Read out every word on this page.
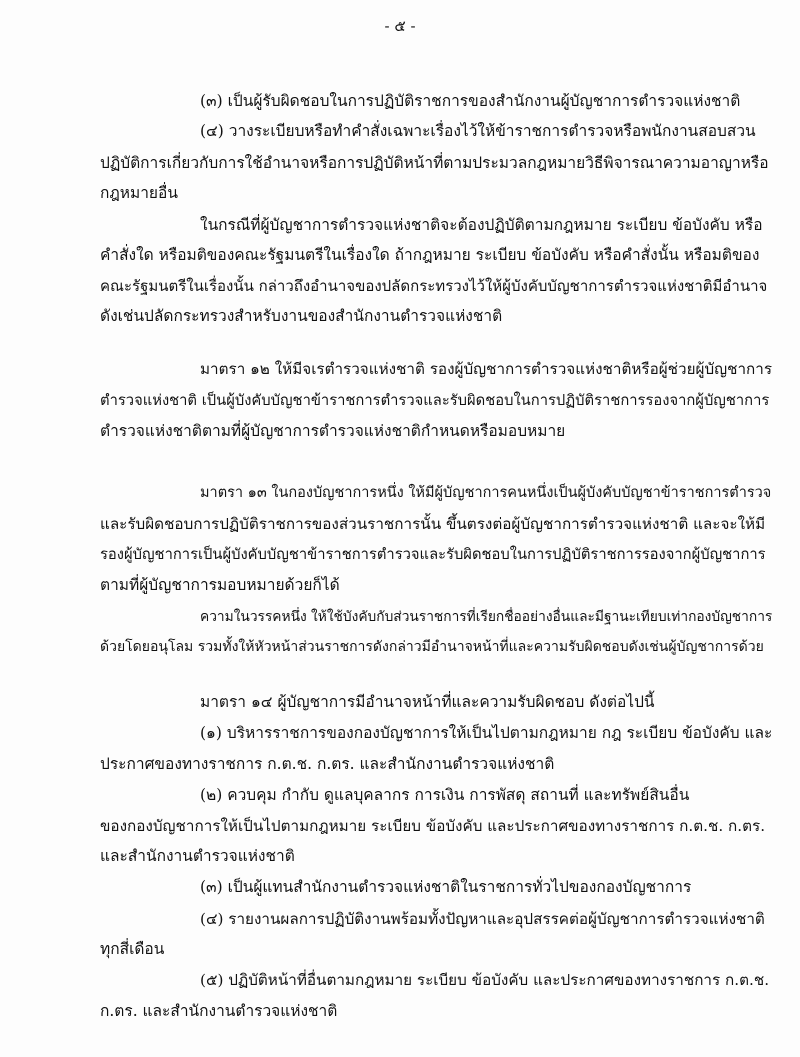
- ๕ -
(๓) เป็นผู้รับผิดชอบในการปฏิบัติราชการของสำนักงานผู้บัญชาการตำรวจแห่งชาติ
(๔) วางระเบียบหรือทำคำสั่งเฉพาะเรื่องไว้ให้ข้าราชการตำรวจหรือพนักงานสอบสวน
ปฏิบัติการเกี่ยวกับการใช้อำนาจหรือการปฏิบัติหน้าที่ตามประมวลกฎหมายวิธีพิจารณาความอาญาหรือ
กฎหมายอื่น
ในกรณีที่ผู้บัญชาการตำรวจแห่งชาติจะต้องปฏิบัติตามกฎหมาย ระเบียบ ข้อบังคับ หรือ
คำสั่งใด หรือมติของคณะรัฐมนตรีในเรื่องใด ถ้ากฎหมาย ระเบียบ ข้อบังคับ หรือคำสั่งนั้น หรือมติของ
คณะรัฐมนตรีในเรื่องนั้น กล่าวถึงอำนาจของปลัดกระทรวงไว้ให้ผู้บังคับบัญชาการตำรวจแห่งชาติมีอำนาจ
ดังเช่นปลัดกระทรวงสำหรับงานของสำนักงานตำรวจแห่งชาติ
มาตรา ๑๒ ให้มีจเรตำรวจแห่งชาติ รองผู้บัญชาการตำรวจแห่งชาติหรือผู้ช่วยผู้บัญชาการ
ตำรวจแห่งชาติ เป็นผู้บังคับบัญชาข้าราชการตำรวจและรับผิดชอบในการปฏิบัติราชการรองจากผู้บัญชาการ
ตำรวจแห่งชาติตามที่ผู้บัญชาการตำรวจแห่งชาติกำหนดหรือมอบหมาย
มาตรา ๑๓ ในกองบัญชาการหนึ่ง ให้มีผู้บัญชาการคนหนึ่งเป็นผู้บังคับบัญชาข้าราชการตำรวจ
และรับผิดชอบการปฏิบัติราชการของส่วนราชการนั้น ขึ้นตรงต่อผู้บัญชาการตำรวจแห่งชาติ และจะให้มี
รองผู้บัญชาการเป็นผู้บังคับบัญชาข้าราชการตำรวจและรับผิดชอบในการปฏิบัติราชการรองจากผู้บัญชาการ
ตามที่ผู้บัญชาการมอบหมายด้วยก็ได้
ความในวรรคหนึ่ง ให้ใช้บังคับกับส่วนราชการที่เรียกชื่ออย่างอื่นและมีฐานะเทียบเท่ากองบัญชาการ
ด้วยโดยอนุโลม รวมทั้งให้หัวหน้าส่วนราชการดังกล่าวมีอำนาจหน้าที่และความรับผิดชอบดังเช่นผู้บัญชาการด้วย
มาตรา ๑๔ ผู้บัญชาการมีอำนาจหน้าที่และความรับผิดชอบ ดังต่อไปนี้
(๑) บริหารราชการของกองบัญชาการให้เป็นไปตามกฎหมาย กฎ ระเบียบ ข้อบังคับ และ
ประกาศของทางราชการ ก.ต.ช. ก.ตร. และสำนักงานตำรวจแห่งชาติ
(๒) ควบคุม กำกับ ดูแลบุคลากร การเงิน การพัสดุ สถานที่ และทรัพย์สินอื่น
ของกองบัญชาการให้เป็นไปตามกฎหมาย ระเบียบ ข้อบังคับ และประกาศของทางราชการ ก.ต.ช. ก.ตร.
และสำนักงานตำรวจแห่งชาติ
(๓) เป็นผู้แทนสำนักงานตำรวจแห่งชาติในราชการทั่วไปของกองบัญชาการ
(๔) รายงานผลการปฏิบัติงานพร้อมทั้งปัญหาและอุปสรรคต่อผู้บัญชาการตำรวจแห่งชาติ
ทุกสี่เดือน
(๕) ปฏิบัติหน้าที่อื่นตามกฎหมาย ระเบียบ ข้อบังคับ และประกาศของทางราชการ ก.ต.ช.
ก.ตร. และสำนักงานตำรวจแห่งชาติ
